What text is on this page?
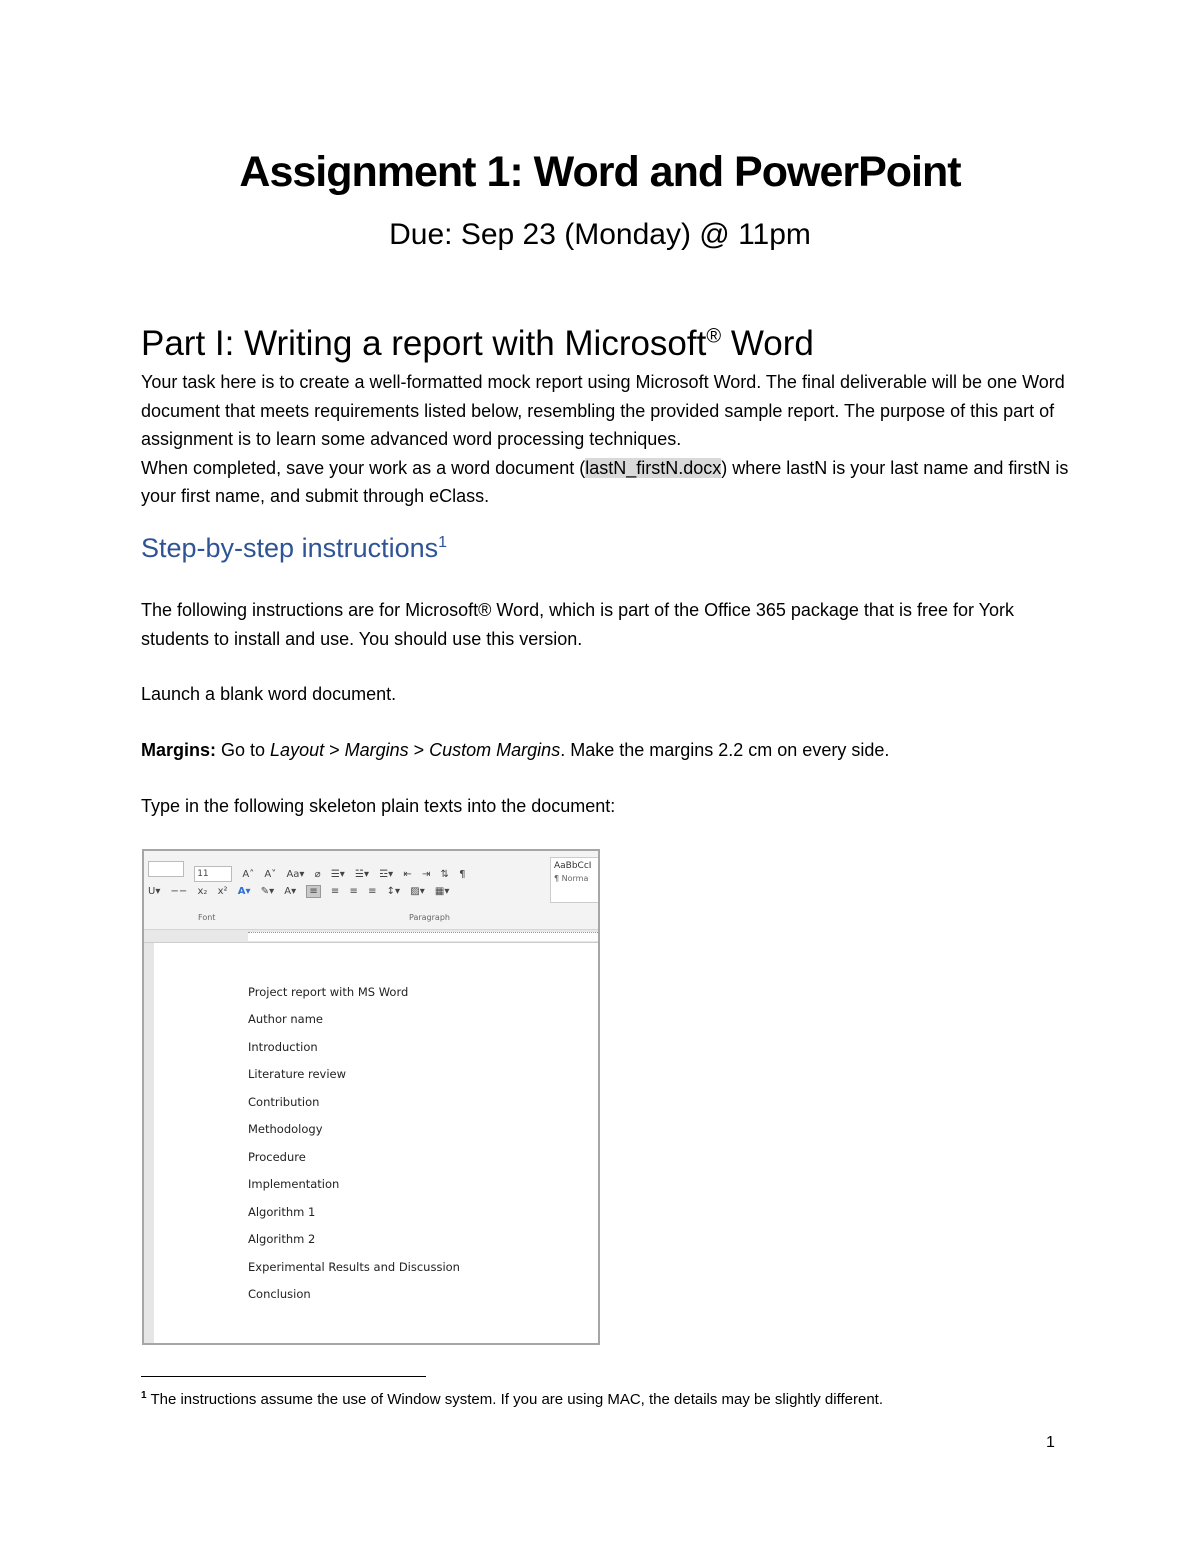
Assignment 1: Word and PowerPoint
Due: Sep 23 (Monday) @ 11pm
Part I: Writing a report with Microsoft® Word
Your task here is to create a well-formatted mock report using Microsoft Word. The final deliverable will be one Word document that meets requirements listed below, resembling the provided sample report. The purpose of this part of assignment is to learn some advanced word processing techniques.
When completed, save your work as a word document (lastN_firstN.docx) where lastN is your last name and firstN is your first name, and submit through eClass.
Step-by-step instructions$^1$
The following instructions are for Microsoft® Word, which is part of the Office 365 package that is free for York students to install and use. You should use this version.
Launch a blank word document.
Margins: Go to Layout > Margins > Custom Margins. Make the margins 2.2 cm on every side.
Type in the following skeleton plain texts into the document:
11	A˄ A˅ Aa▾ ⌀ ☰▾ ☱▾ ☲▾ ⇤ ⇥ ⇅ ¶
U▾ −− x₂ x² A▾ ✎▾ A▾ ≡ ≡ ≡ ≡ ↕▾ ▨▾ ▦▾
Font	Paragraph
AaBbCcI
¶ Norma
Project report with MS Word
Author name
Introduction
Literature review
Contribution
Methodology
Procedure
Implementation
Algorithm 1
Algorithm 2
Experimental Results and Discussion
Conclusion
$^1$ The instructions assume the use of Window system. If you are using MAC, the details may be slightly different.
1
